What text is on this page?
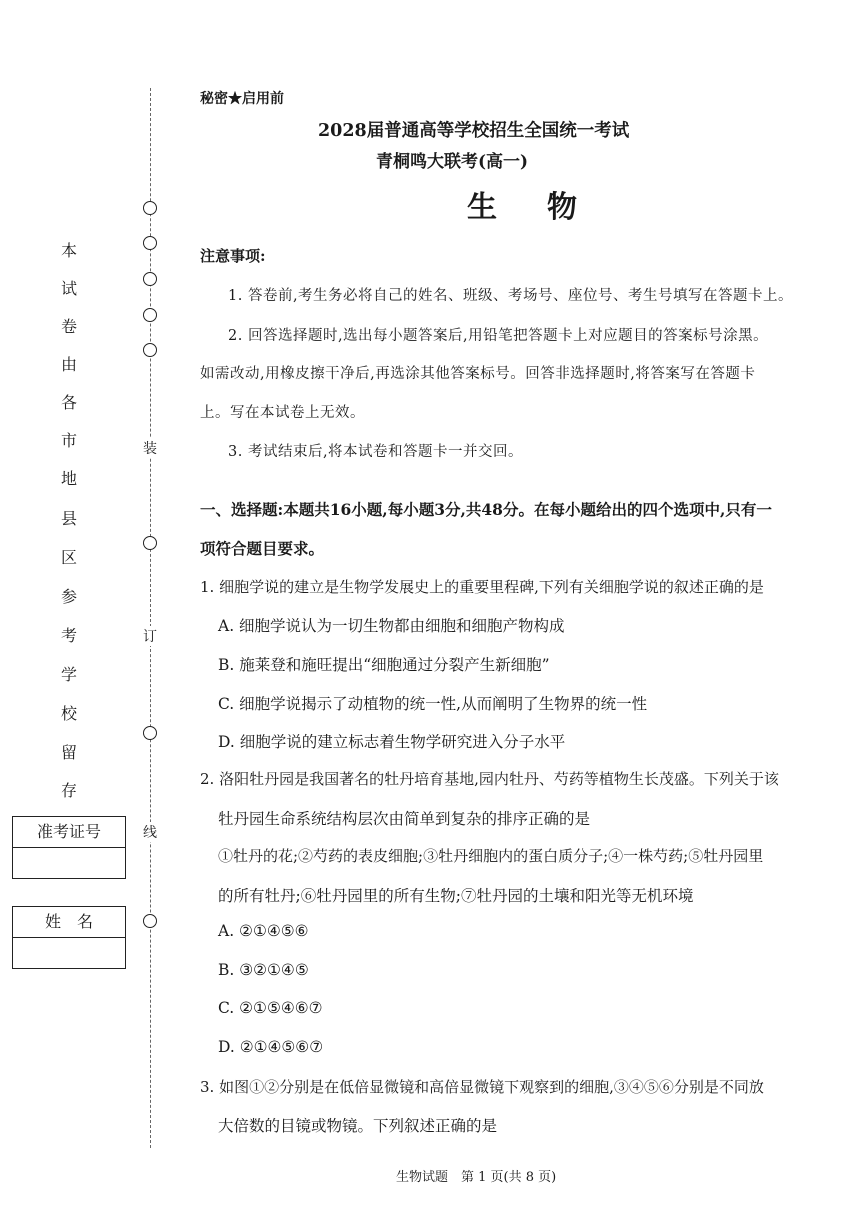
装
订
线
本
试
卷
由
各
市
地
县
区
参
考
学
校
留
存
准考证号
姓　名
秘密★启用前
2028届普通高等学校招生全国统一考试
青桐鸣大联考(高一)
生　物
注意事项:
1. 答卷前,考生务必将自己的姓名、班级、考场号、座位号、考生号填写在答题卡上。
2. 回答选择题时,选出每小题答案后,用铅笔把答题卡上对应题目的答案标号涂黑。
如需改动,用橡皮擦干净后,再选涂其他答案标号。回答非选择题时,将答案写在答题卡
上。写在本试卷上无效。
3. 考试结束后,将本试卷和答题卡一并交回。
一、选择题:本题共16小题,每小题3分,共48分。在每小题给出的四个选项中,只有一
项符合题目要求。
1. 细胞学说的建立是生物学发展史上的重要里程碑,下列有关细胞学说的叙述正确的是
A. 细胞学说认为一切生物都由细胞和细胞产物构成
B. 施莱登和施旺提出“细胞通过分裂产生新细胞”
C. 细胞学说揭示了动植物的统一性,从而阐明了生物界的统一性
D. 细胞学说的建立标志着生物学研究进入分子水平
2. 洛阳牡丹园是我国著名的牡丹培育基地,园内牡丹、芍药等植物生长茂盛。下列关于该
牡丹园生命系统结构层次由简单到复杂的排序正确的是
①牡丹的花;②芍药的表皮细胞;③牡丹细胞内的蛋白质分子;④一株芍药;⑤牡丹园里
的所有牡丹;⑥牡丹园里的所有生物;⑦牡丹园的土壤和阳光等无机环境
A. ②①④⑤⑥
B. ③②①④⑤
C. ②①⑤④⑥⑦
D. ②①④⑤⑥⑦
3. 如图①②分别是在低倍显微镜和高倍显微镜下观察到的细胞,③④⑤⑥分别是不同放
大倍数的目镜或物镜。下列叙述正确的是
生物试题　第 1 页(共 8 页)
